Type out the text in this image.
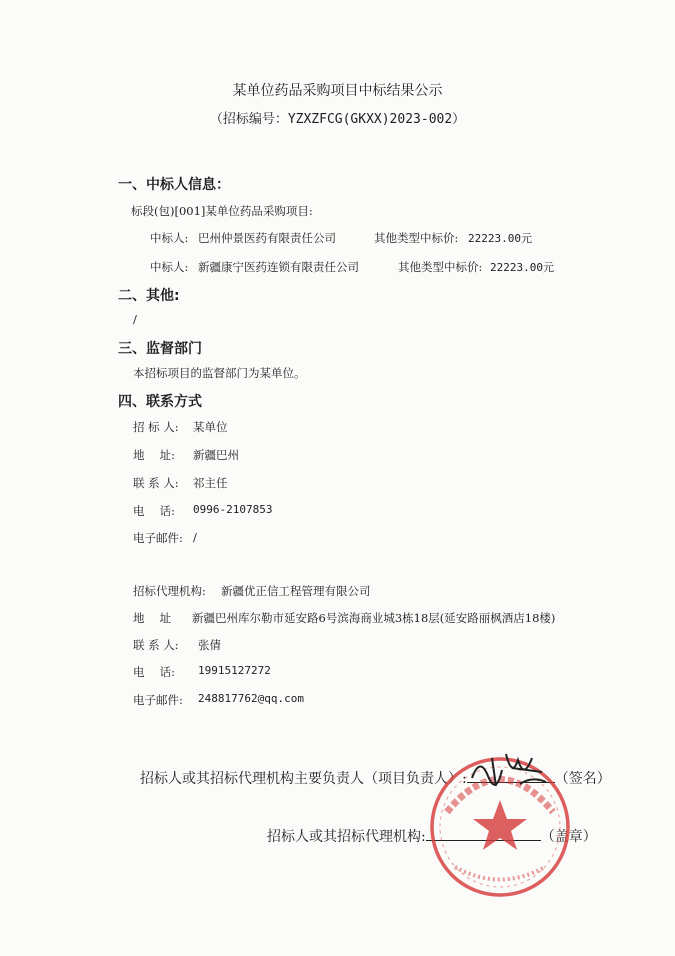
某单位药品采购项目中标结果公示
（招标编号：YZXZFCG(GKXX)2023-002）
一、中标人信息：
标段(包)[001]某单位药品采购项目:
中标人: 巴州仲景医药有限责任公司	其他类型中标价: 22223.00元
中标人: 新疆康宁医药连锁有限责任公司	其他类型中标价: 22223.00元
二、其他:
/
三、监督部门
本招标项目的监督部门为某单位。
四、联系方式
招 标 人: 某单位
地　 址: 新疆巴州
联 系 人: 祁主任
电　 话: 0996-2107853
电子邮件: /
招标代理机构: 新疆优正信工程管理有限公司
地　 址 新疆巴州库尔勒市延安路6号滨海商业城3栋18层(延安路丽枫酒店18楼)
联 系 人: 张倩
电　 话: 19915127272
电子邮件: 248817762@qq.com
招标人或其招标代理机构主要负责人（项目负责人）:	（签名）
招标人或其招标代理机构:	（盖章）
